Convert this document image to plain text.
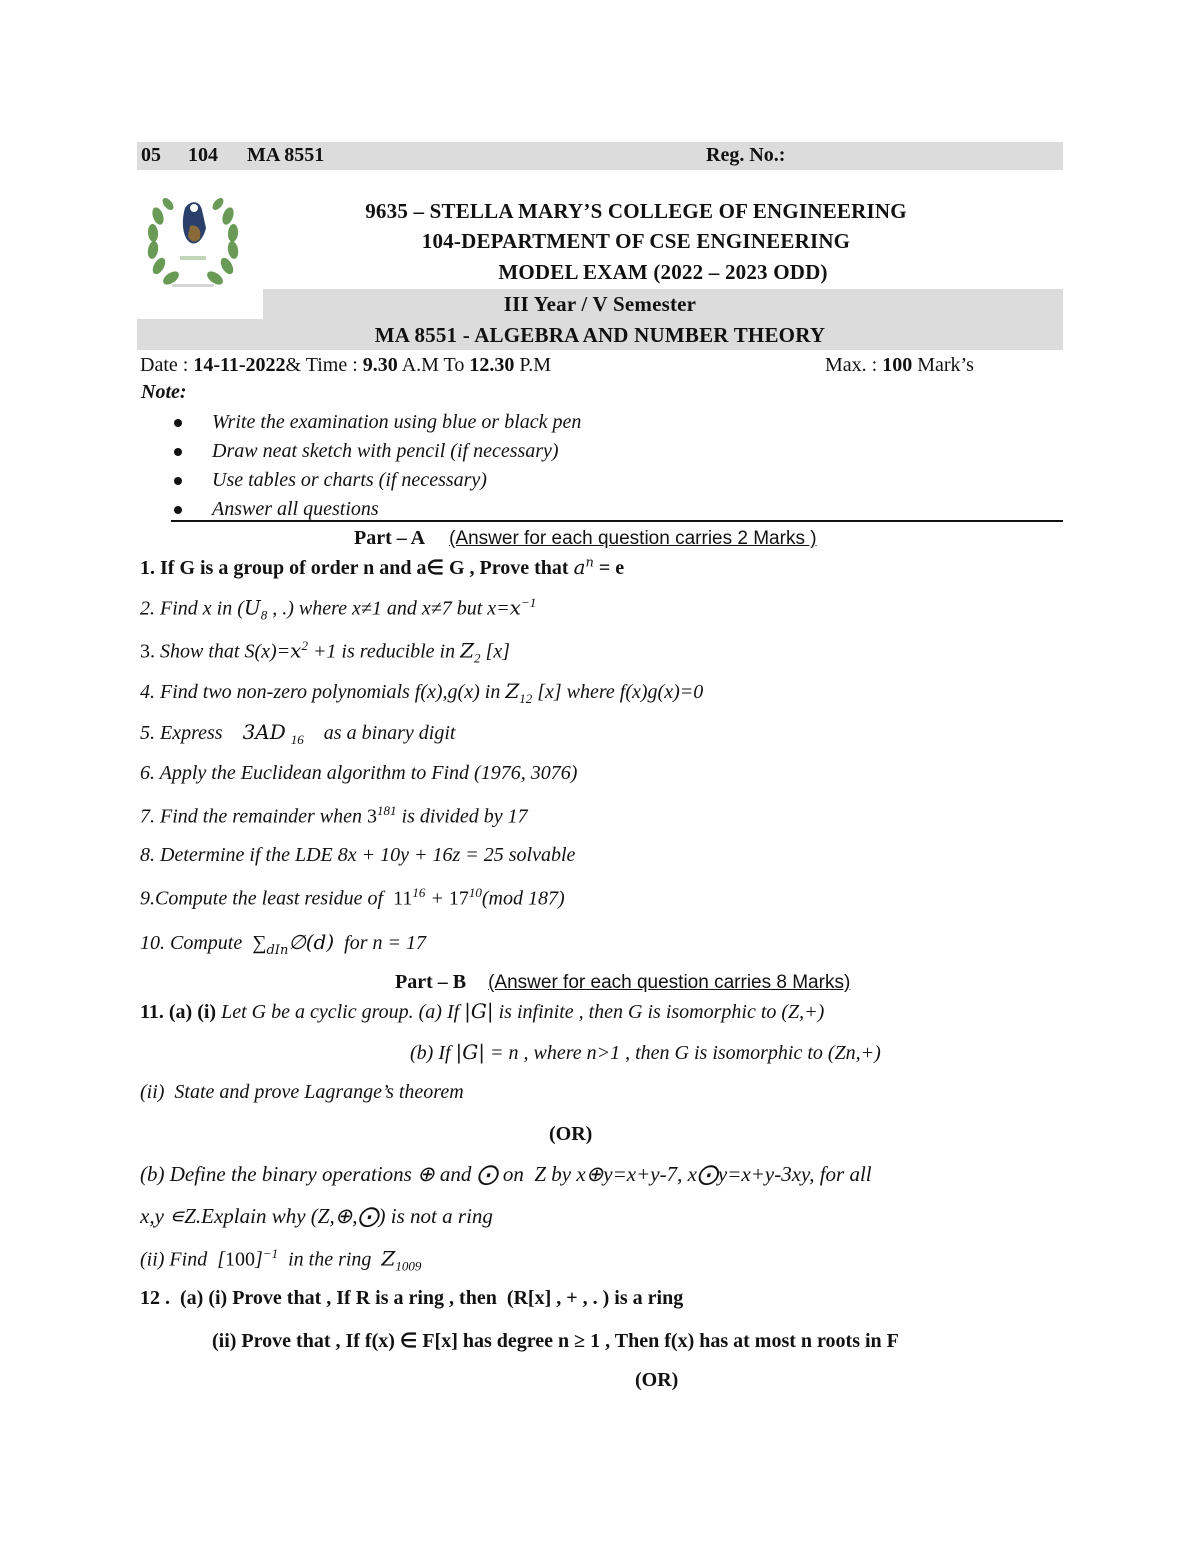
05 104 MA 8551	Reg. No.:
9635 – STELLA MARY’S COLLEGE OF ENGINEERING
104-DEPARTMENT OF CSE ENGINEERING
MODEL EXAM (2022 – 2023 ODD)
III Year / V Semester
MA 8551 - ALGEBRA AND NUMBER THEORY
Date : 14-11-2022& Time : 9.30 A.M To 12.30 P.M	Max. : 100 Mark’s
Note:
Write the examination using blue or black pen
Draw neat sketch with pencil (if necessary)
Use tables or charts (if necessary)
Answer all questions
Part – A (Answer for each question carries 2 Marks )
1. If G is a group of order n and a∈ G , Prove that $a^n = e$
2. Find x in ($U_8$ , .) where x≠1 and x≠7 but $x=x^{-1}$
3. Show that $S(x)=x^2 +1$ is reducible in $Z_2$ [x]
4. Find two non-zero polynomials f(x),g(x) in $Z_{12}$ [x] where f(x)g(x)=0
5. Express    3AD $_{16}$    as a binary digit
6. Apply the Euclidean algorithm to Find (1976, 3076)
7. Find the remainder when $3^{181}$ is divided by 17
8. Determine if the LDE 8x + 10y + 16z = 25 solvable
9.Compute the least residue of  $11^{16} + 17^{10}(mod$ 187)
10. Compute  $\sum_{dIn}\emptyset(d)$  for n = 17
Part – B (Answer for each question carries 8 Marks)
11. (a) (i) Let G be a cyclic group. (a) If |G| is infinite , then G is isomorphic to (Z,+)
(b) If |G| = n , where n>1 , then G is isomorphic to (Zn,+)
(ii)  State and prove Lagrange’s theorem
(OR)
(b) Define the binary operations ⊕ and ⨀ on  Z by x⊕y=x+y-7, x⨀y=x+y-3xy, for all
x,y ∊Z.Explain why (Z,⊕,⨀) is not a ring
(ii) Find  $[100]^{-1}$  in the ring  $Z_{1009}$
12 .  (a) (i) Prove that , If R is a ring , then  (R[x] , + , . ) is a ring
(ii) Prove that , If f(x) ∈ F[x] has degree n ≥ 1 , Then f(x) has at most n roots in F
(OR)
